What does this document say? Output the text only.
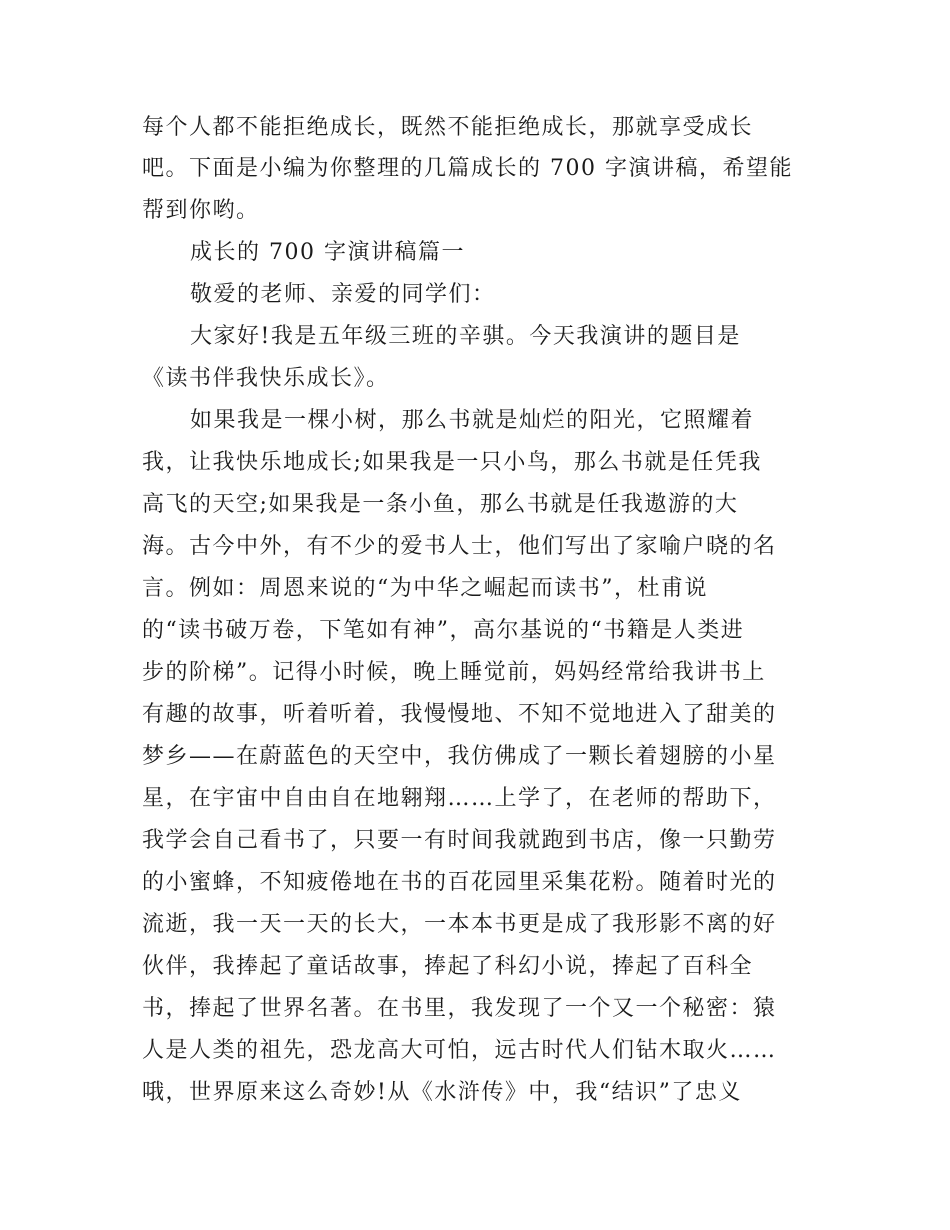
每个人都不能拒绝成长，既然不能拒绝成长，那就享受成长
吧。下面是小编为你整理的几篇成长的 700 字演讲稿，希望能
帮到你哟。
成长的 700 字演讲稿篇一
敬爱的老师、亲爱的同学们：
大家好!我是五年级三班的辛骐。今天我演讲的题目是
《读书伴我快乐成长》。
如果我是一棵小树，那么书就是灿烂的阳光，它照耀着
我，让我快乐地成长;如果我是一只小鸟，那么书就是任凭我
高飞的天空;如果我是一条小鱼，那么书就是任我遨游的大
海。古今中外，有不少的爱书人士，他们写出了家喻户晓的名
言。例如：周恩来说的“为中华之崛起而读书”，杜甫说
的“读书破万卷，下笔如有神”，高尔基说的“书籍是人类进
步的阶梯”。记得小时候，晚上睡觉前，妈妈经常给我讲书上
有趣的故事，听着听着，我慢慢地、不知不觉地进入了甜美的
梦乡——在蔚蓝色的天空中，我仿佛成了一颗长着翅膀的小星
星，在宇宙中自由自在地翱翔……上学了，在老师的帮助下，
我学会自己看书了，只要一有时间我就跑到书店，像一只勤劳
的小蜜蜂，不知疲倦地在书的百花园里采集花粉。随着时光的
流逝，我一天一天的长大，一本本书更是成了我形影不离的好
伙伴，我捧起了童话故事，捧起了科幻小说，捧起了百科全
书，捧起了世界名著。在书里，我发现了一个又一个秘密：猿
人是人类的祖先，恐龙高大可怕，远古时代人们钻木取火……
哦，世界原来这么奇妙!从《水浒传》中，我“结识”了忠义
